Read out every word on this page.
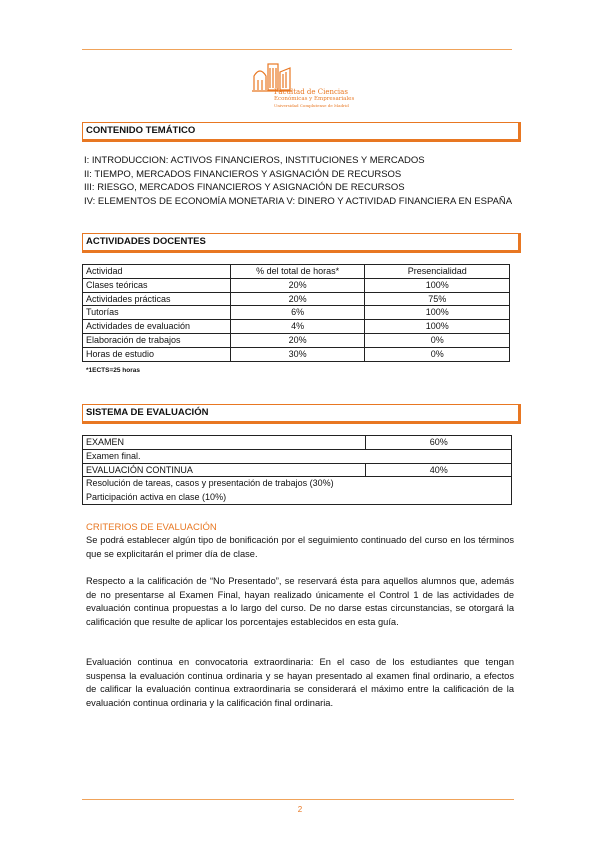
Facultad de Ciencias
Económicas y Empresariales
Universidad Complutense de Madrid
CONTENIDO TEMÁTICO
I: INTRODUCCION: ACTIVOS FINANCIEROS, INSTITUCIONES Y MERCADOS
II: TIEMPO, MERCADOS FINANCIEROS Y ASIGNACIÓN DE RECURSOS
III: RIESGO, MERCADOS FINANCIEROS Y ASIGNACIÓN DE RECURSOS
IV: ELEMENTOS DE ECONOMÍA MONETARIA V: DINERO Y ACTIVIDAD FINANCIERA EN ESPAÑA
ACTIVIDADES DOCENTES
Actividad	% del total de horas*	Presencialidad
Clases teóricas	20%	100%
Actividades prácticas	20%	75%
Tutorías	6%	100%
Actividades de evaluación	4%	100%
Elaboración de trabajos	20%	0%
Horas de estudio	30%	0%
*1ECTS=25 horas
SISTEMA DE EVALUACIÓN
EXAMEN	60%
Examen final.	
EVALUACIÓN CONTINUA	40%

Resolución de tareas, casos y presentación de trabajos (30%)
Participación activa en clase (10%)	
CRITERIOS DE EVALUACIÓN

Se podrá establecer algún tipo de bonificación por el seguimiento continuado del curso en los términos que se explicitarán el primer día de clase.

Respecto a la calificación de “No Presentado”, se reservará ésta para aquellos alumnos que, además de no presentarse al Examen Final, hayan realizado únicamente el Control 1 de las actividades de evaluación continua propuestas a lo largo del curso. De no darse estas circunstancias, se otorgará la calificación que resulte de aplicar los porcentajes establecidos en esta guía.

Evaluación continua en convocatoria extraordinaria: En el caso de los estudiantes que tengan suspensa la evaluación continua ordinaria y se hayan presentado al examen final ordinario, a efectos de calificar la evaluación continua extraordinaria se considerará el máximo entre la calificación de la evaluación continua ordinaria y la calificación final ordinaria.

2
